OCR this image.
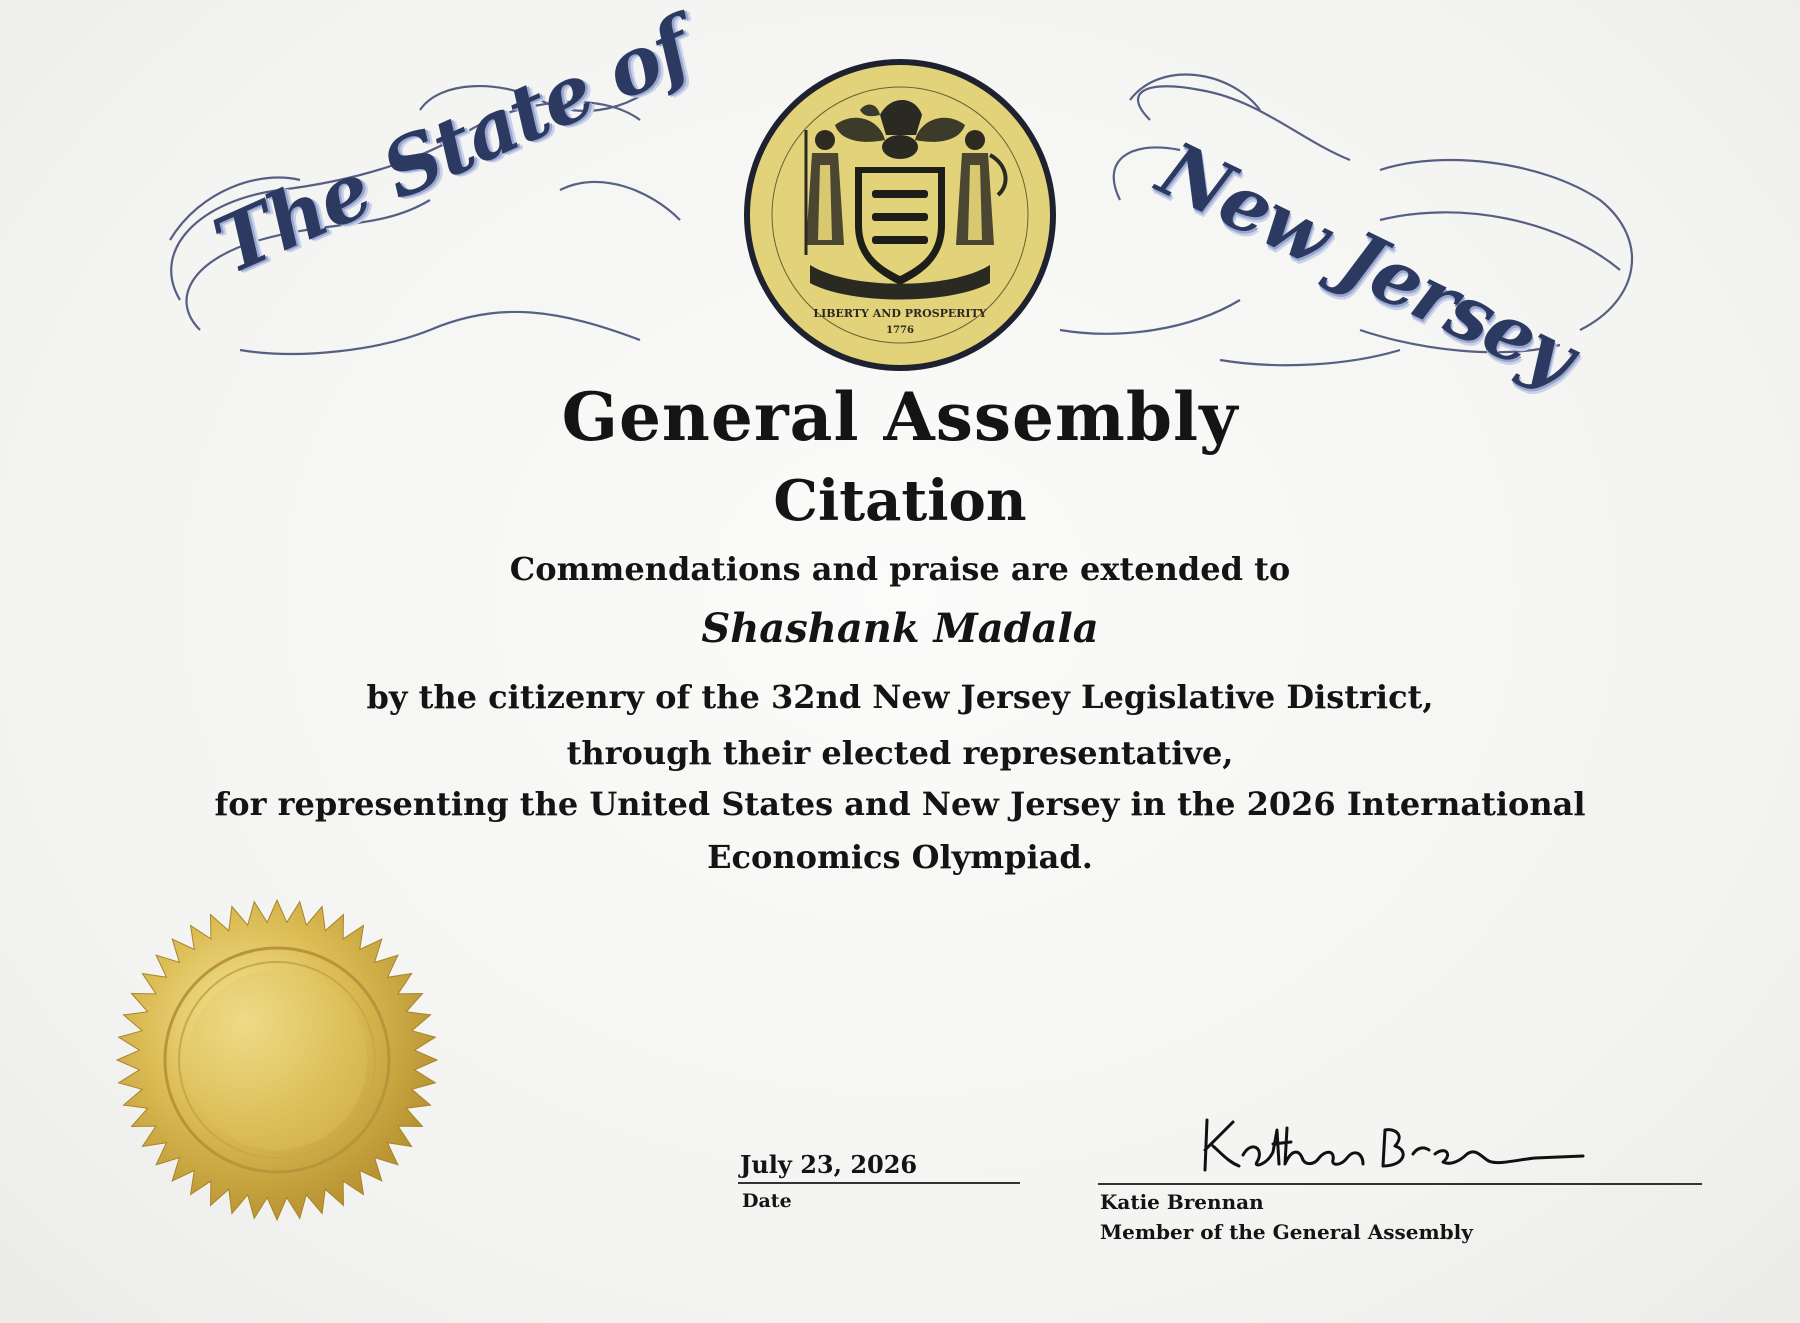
The State of	New Jersey
LIBERTY AND PROSPERITY
1776
General Assembly
Citation
Commendations and praise are extended to
Shashank Madala
by the citizenry of the 32nd New Jersey Legislative District,
through their elected representative,
for representing the United States and New Jersey in the 2026 International
Economics Olympiad.
July 23, 2026
Date	Katie Brennan
Member of the General Assembly
